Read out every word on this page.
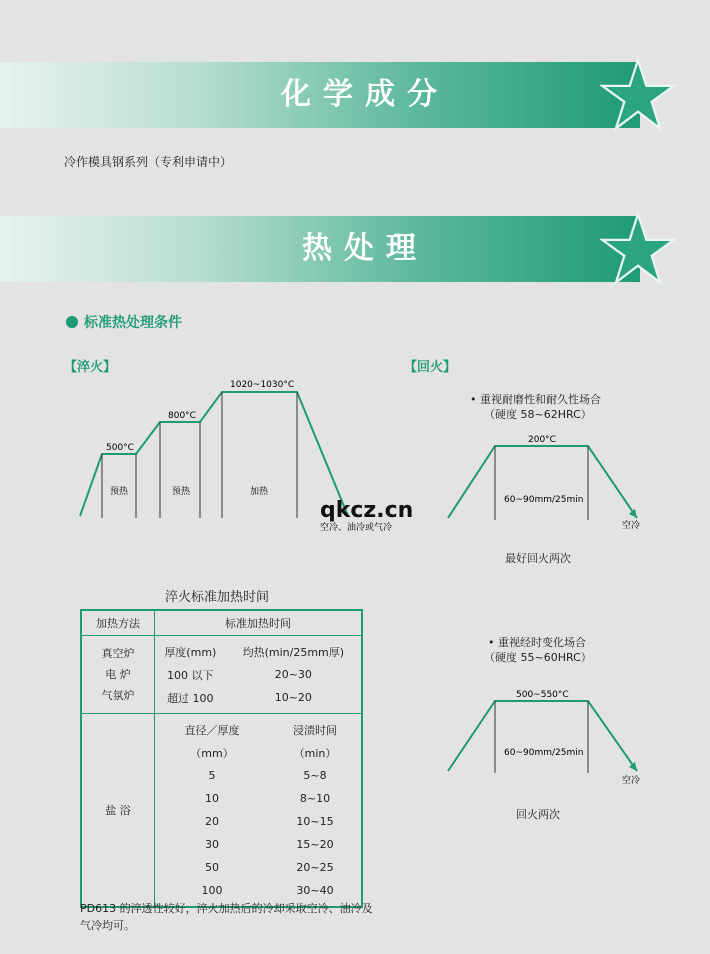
化学成分
冷作模具钢系列（专利申请中）
热处理
标准热处理条件
【淬火】	【回火】
500°C
800°C
1020~1030°C
预热	预热	加热
空冷、油冷或气冷
• 重视耐磨性和耐久性场合
（硬度 58~62HRC）
200°C
60~90mm/25min
空冷
最好回火两次
• 重视经时变化场合
（硬度 55~60HRC）
500~550°C
60~90mm/25min
空冷
回火两次
淬火标准加热时间
加热方法	标准加热时间

真空炉
电 炉
气氛炉

厚度(mm)	均热(min/25mm厚)
100 以下	20~30
超过 100	10~20

盐 浴	
直径／厚度	浸渍时间
（mm）	（min）
5	5~8
10	8~10
20	10~15
30	15~20
50	20~25
100	30~40
PD613 的淬透性较好，淬火加热后的冷却采取空冷、油冷及气冷均可。
qkcz.cn
